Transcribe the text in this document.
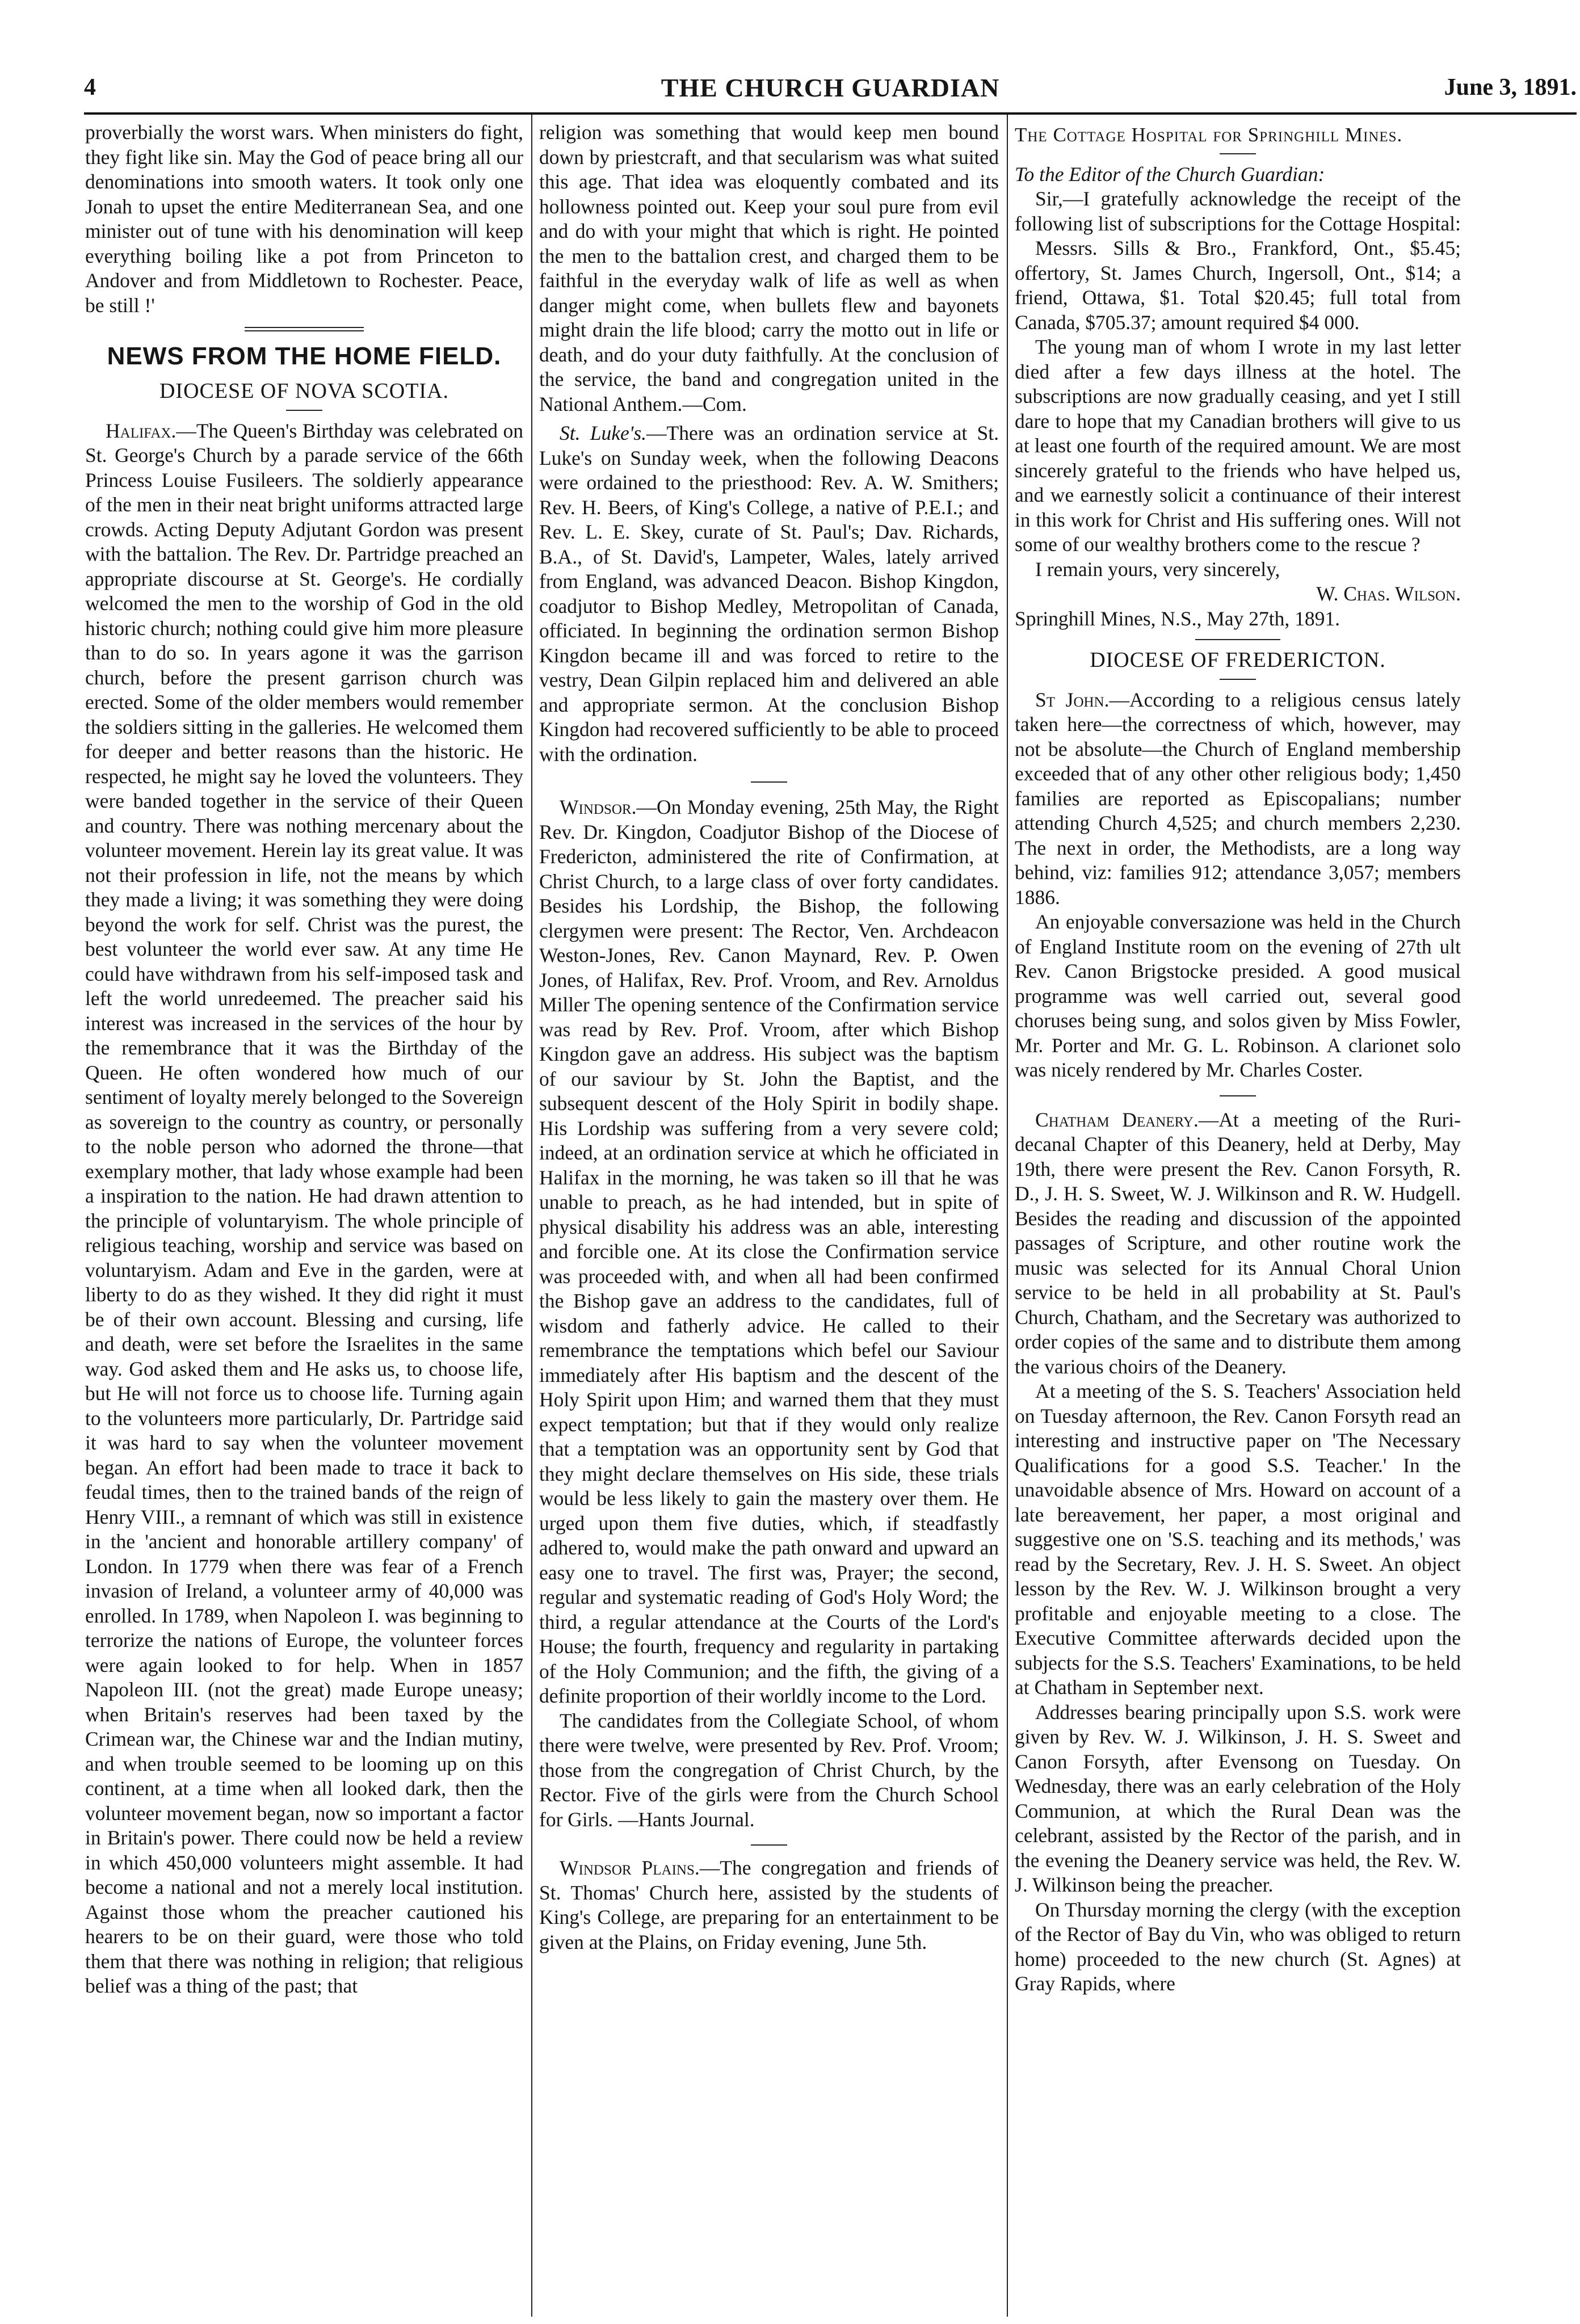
4	THE CHURCH GUARDIAN	June 3, 1891.

proverbially the worst wars. When ministers do fight, they fight like sin. May the God of peace bring all our denominations into smooth waters. It took only one Jonah to upset the entire Mediterranean Sea, and one minister out of tune with his denomination will keep everything boiling like a pot from Princeton to Andover and from Middletown to Rochester. Peace, be still !'

NEWS FROM THE HOME FIELD.
DIOCESE OF NOVA SCOTIA.

Halifax.—The Queen's Birthday was celebrated on St. George's Church by a parade service of the 66th Princess Louise Fusileers. The soldierly appearance of the men in their neat bright uniforms attracted large crowds. Acting Deputy Adjutant Gordon was present with the battalion. The Rev. Dr. Partridge preached an appropriate discourse at St. George's. He cordially welcomed the men to the worship of God in the old historic church; nothing could give him more pleasure than to do so. In years agone it was the garrison church, before the present garrison church was erected. Some of the older members would remember the soldiers sitting in the galleries. He welcomed them for deeper and better reasons than the historic. He respected, he might say he loved the volunteers. They were banded together in the service of their Queen and country. There was nothing mercenary about the volunteer movement. Herein lay its great value. It was not their profession in life, not the means by which they made a living; it was something they were doing beyond the work for self. Christ was the purest, the best volunteer the world ever saw. At any time He could have withdrawn from his self-imposed task and left the world unredeemed. The preacher said his interest was increased in the services of the hour by the remembrance that it was the Birthday of the Queen. He often wondered how much of our sentiment of loyalty merely belonged to the Sovereign as sovereign to the country as country, or personally to the noble person who adorned the throne—that exemplary mother, that lady whose example had been a inspiration to the nation. He had drawn attention to the principle of voluntaryism. The whole principle of religious teaching, worship and service was based on voluntaryism. Adam and Eve in the garden, were at liberty to do as they wished. It they did right it must be of their own account. Blessing and cursing, life and death, were set before the Israelites in the same way. God asked them and He asks us, to choose life, but He will not force us to choose life. Turning again to the volunteers more particularly, Dr. Partridge said it was hard to say when the volunteer movement began. An effort had been made to trace it back to feudal times, then to the trained bands of the reign of Henry VIII., a remnant of which was still in existence in the 'ancient and honorable artillery company' of London. In 1779 when there was fear of a French invasion of Ireland, a volunteer army of 40,000 was enrolled. In 1789, when Napoleon I. was beginning to terrorize the nations of Europe, the volunteer forces were again looked to for help. When in 1857 Napoleon III. (not the great) made Europe uneasy; when Britain's reserves had been taxed by the Crimean war, the Chinese war and the Indian mutiny, and when trouble seemed to be looming up on this continent, at a time when all looked dark, then the volunteer movement began, now so important a factor in Britain's power. There could now be held a review in which 450,000 volunteers might assemble. It had become a national and not a merely local institution. Against those whom the preacher cautioned his hearers to be on their guard, were those who told them that there was nothing in religion; that religious belief was a thing of the past; that

religion was something that would keep men bound down by priestcraft, and that secularism was what suited this age. That idea was eloquently combated and its hollowness pointed out. Keep your soul pure from evil and do with your might that which is right. He pointed the men to the battalion crest, and charged them to be faithful in the everyday walk of life as well as when danger might come, when bullets flew and bayonets might drain the life blood; carry the motto out in life or death, and do your duty faithfully. At the conclusion of the service, the band and congregation united in the National Anthem.—Com.

St. Luke's.—There was an ordination service at St. Luke's on Sunday week, when the following Deacons were ordained to the priesthood: Rev. A. W. Smithers; Rev. H. Beers, of King's College, a native of P.E.I.; and Rev. L. E. Skey, curate of St. Paul's; Dav. Richards, B.A., of St. David's, Lampeter, Wales, lately arrived from England, was advanced Deacon. Bishop Kingdon, coadjutor to Bishop Medley, Metropolitan of Canada, officiated. In beginning the ordination sermon Bishop Kingdon became ill and was forced to retire to the vestry, Dean Gilpin replaced him and delivered an able and appropriate sermon. At the conclusion Bishop Kingdon had recovered sufficiently to be able to proceed with the ordination.

Windsor.—On Monday evening, 25th May, the Right Rev. Dr. Kingdon, Coadjutor Bishop of the Diocese of Fredericton, administered the rite of Confirmation, at Christ Church, to a large class of over forty candidates. Besides his Lordship, the Bishop, the following clergymen were present: The Rector, Ven. Archdeacon Weston-Jones, Rev. Canon Maynard, Rev. P. Owen Jones, of Halifax, Rev. Prof. Vroom, and Rev. Arnoldus Miller The opening sentence of the Confirmation service was read by Rev. Prof. Vroom, after which Bishop Kingdon gave an address. His subject was the baptism of our saviour by St. John the Baptist, and the subsequent descent of the Holy Spirit in bodily shape. His Lordship was suffering from a very severe cold; indeed, at an ordination service at which he officiated in Halifax in the morning, he was taken so ill that he was unable to preach, as he had intended, but in spite of physical disability his address was an able, interesting and forcible one. At its close the Confirmation service was proceeded with, and when all had been confirmed the Bishop gave an address to the candidates, full of wisdom and fatherly advice. He called to their remembrance the temptations which befel our Saviour immediately after His baptism and the descent of the Holy Spirit upon Him; and warned them that they must expect temptation; but that if they would only realize that a temptation was an opportunity sent by God that they might declare themselves on His side, these trials would be less likely to gain the mastery over them. He urged upon them five duties, which, if steadfastly adhered to, would make the path onward and upward an easy one to travel. The first was, Prayer; the second, regular and systematic reading of God's Holy Word; the third, a regular attendance at the Courts of the Lord's House; the fourth, frequency and regularity in partaking of the Holy Communion; and the fifth, the giving of a definite proportion of their worldly income to the Lord.

The candidates from the Collegiate School, of whom there were twelve, were presented by Rev. Prof. Vroom; those from the congregation of Christ Church, by the Rector. Five of the girls were from the Church School for Girls. —Hants Journal.

Windsor Plains.—The congregation and friends of St. Thomas' Church here, assisted by the students of King's College, are preparing for an entertainment to be given at the Plains, on Friday evening, June 5th.

The Cottage Hospital for Springhill Mines.

To the Editor of the Church Guardian:

Sir,—I gratefully acknowledge the receipt of the following list of subscriptions for the Cottage Hospital:

Messrs. Sills & Bro., Frankford, Ont., $5.45; offertory, St. James Church, Ingersoll, Ont., $14; a friend, Ottawa, $1. Total $20.45; full total from Canada, $705.37; amount required $4 000.

The young man of whom I wrote in my last letter died after a few days illness at the hotel. The subscriptions are now gradually ceasing, and yet I still dare to hope that my Canadian brothers will give to us at least one fourth of the required amount. We are most sincerely grateful to the friends who have helped us, and we earnestly solicit a continuance of their interest in this work for Christ and His suffering ones. Will not some of our wealthy brothers come to the rescue ?

I remain yours, very sincerely,

W. Chas. Wilson.

Springhill Mines, N.S., May 27th, 1891.

DIOCESE OF FREDERICTON.

St John.—According to a religious census lately taken here—the correctness of which, however, may not be absolute—the Church of England membership exceeded that of any other other religious body; 1,450 families are reported as Episcopalians; number attending Church 4,525; and church members 2,230. The next in order, the Methodists, are a long way behind, viz: families 912; attendance 3,057; members 1886.

An enjoyable conversazione was held in the Church of England Institute room on the evening of 27th ult Rev. Canon Brigstocke presided. A good musical programme was well carried out, several good choruses being sung, and solos given by Miss Fowler, Mr. Porter and Mr. G. L. Robinson. A clarionet solo was nicely rendered by Mr. Charles Coster.

Chatham Deanery.—At a meeting of the Ruri-decanal Chapter of this Deanery, held at Derby, May 19th, there were present the Rev. Canon Forsyth, R. D., J. H. S. Sweet, W. J. Wilkinson and R. W. Hudgell. Besides the reading and discussion of the appointed passages of Scripture, and other routine work the music was selected for its Annual Choral Union service to be held in all probability at St. Paul's Church, Chatham, and the Secretary was authorized to order copies of the same and to distribute them among the various choirs of the Deanery.

At a meeting of the S. S. Teachers' Association held on Tuesday afternoon, the Rev. Canon Forsyth read an interesting and instructive paper on 'The Necessary Qualifications for a good S.S. Teacher.' In the unavoidable absence of Mrs. Howard on account of a late bereavement, her paper, a most original and suggestive one on 'S.S. teaching and its methods,' was read by the Secretary, Rev. J. H. S. Sweet. An object lesson by the Rev. W. J. Wilkinson brought a very profitable and enjoyable meeting to a close. The Executive Committee afterwards decided upon the subjects for the S.S. Teachers' Examinations, to be held at Chatham in September next.

Addresses bearing principally upon S.S. work were given by Rev. W. J. Wilkinson, J. H. S. Sweet and Canon Forsyth, after Evensong on Tuesday. On Wednesday, there was an early celebration of the Holy Communion, at which the Rural Dean was the celebrant, assisted by the Rector of the parish, and in the evening the Deanery service was held, the Rev. W. J. Wilkinson being the preacher.

On Thursday morning the clergy (with the exception of the Rector of Bay du Vin, who was obliged to return home) proceeded to the new church (St. Agnes) at Gray Rapids, where
